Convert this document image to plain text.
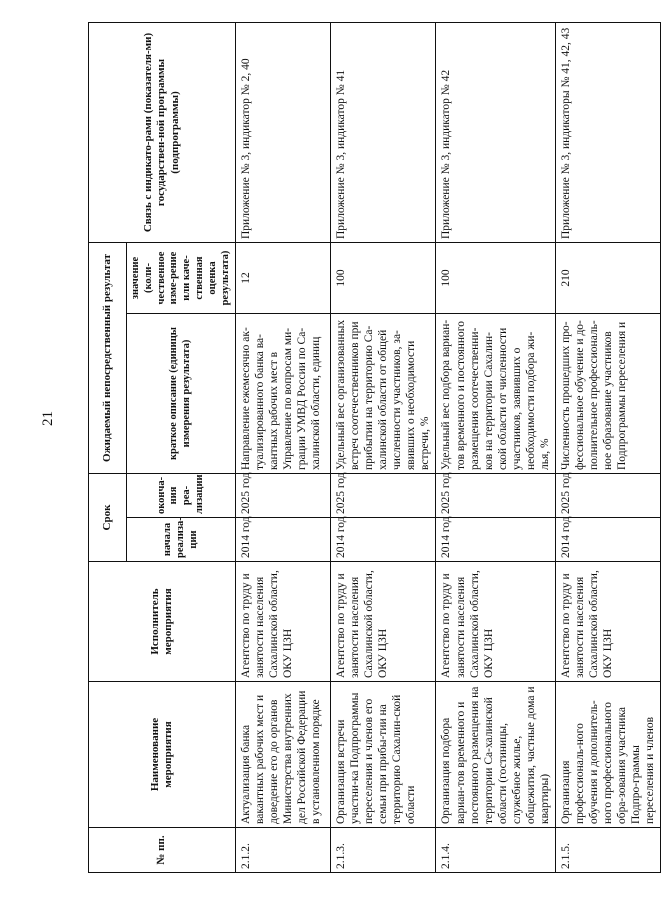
21
№ пп.	Наименование мероприятия	Исполнитель мероприятия	Срок		Ожидаемый непосредственный результат		Связь с индикато-рами (показателя-ми) государствен-ной программы (подпрограммы)
			начала реализа-ции	оконча-ния реа-лизации	краткое описание (единицы измерения результата)	значение (коли-чественное изме-рение или каче-ственная оценка результата)	
2.1.2.	Актуализация банка вакантных рабочих мест и доведение его до органов Министерства внутренних дел Российской Федерации в установленном порядке	Агентство по труду и занятости населения Сахалинской области, ОКУ ЦЗН	2014 год	2025 год	Направление ежемесячно ак-туализированного банка ва-кантных рабочих мест в Управление по вопросам ми-грации УМВД России по Са-халинской области, единиц	12	Приложение № 3, индикатор № 2, 40
2.1.3.	Организация встречи участни-ка Подпрограммы переселения и членов его семьи при прибы-тии на территорию Сахалин-ской области	Агентство по труду и занятости населения Сахалинской области, ОКУ ЦЗН	2014 год	2025 год	Удельный вес организованных встреч соотечественников при прибытии на территорию Са-халинской области от общей численности участников, за-явивших о необходимости встречи, %	100	Приложение № 3, индикатор № 41
2.1.4.	Организация подбора вариан-тов временного и постоянного размещения на территории Са-халинской области (гостиницы, служебное жилье, общежития, частные дома и квартиры)	Агентство по труду и занятости населения Сахалинской области, ОКУ ЦЗН	2014 год	2025 год	Удельный вес подбора вариан-тов временного и постоянного размещения соотечественни-ков на территории Сахалин-ской области от численности участников, заявивших о необходимости подбора жи-лья, %	100	Приложение № 3, индикатор № 42
2.1.5.	Организация профессиональ-ного обучения и дополнитель-ного профессионального обра-зования участника Подпро-граммы переселения и членов	Агентство по труду и занятости населения Сахалинской области, ОКУ ЦЗН	2014 год	2025 год	Численность прошедших про-фессиональное обучение и до-полнительное профессиональ-ное образование участников Подпрограммы переселения и	210	Приложение № 3, индикаторы № 41, 42, 43
